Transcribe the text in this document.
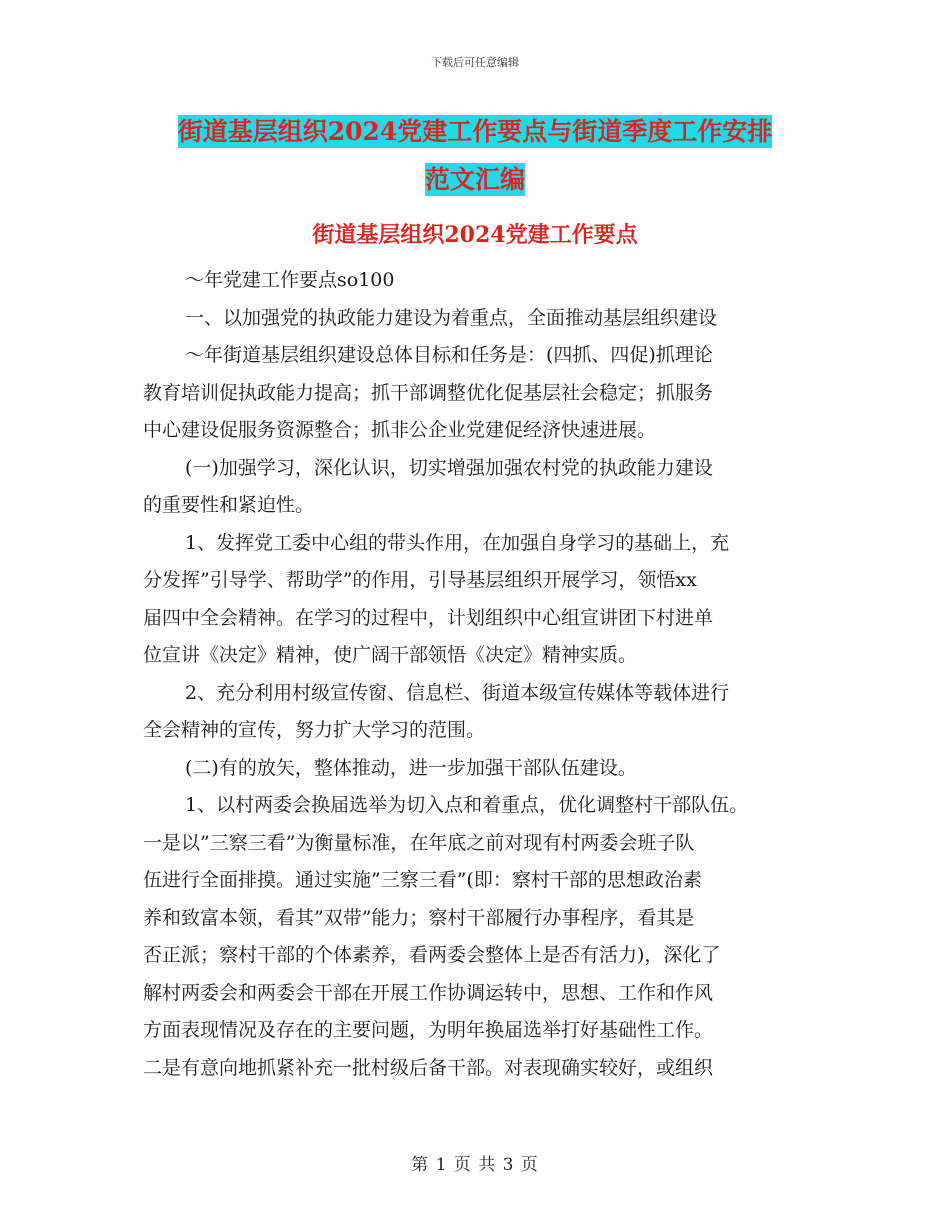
下载后可任意编辑
街道基层组织2024党建工作要点与街道季度工作安排
范文汇编
街道基层组织2024党建工作要点
～年党建工作要点so100
一、以加强党的执政能力建设为着重点，全面推动基层组织建设
～年街道基层组织建设总体目标和任务是：(四抓、四促)抓理论
教育培训促执政能力提高；抓干部调整优化促基层社会稳定；抓服务
中心建设促服务资源整合；抓非公企业党建促经济快速进展。
(一)加强学习，深化认识，切实增强加强农村党的执政能力建设
的重要性和紧迫性。
1、发挥党工委中心组的带头作用，在加强自身学习的基础上，充
分发挥”引导学、帮助学”的作用，引导基层组织开展学习，领悟xx
届四中全会精神。在学习的过程中，计划组织中心组宣讲团下村进单
位宣讲《决定》精神，使广阔干部领悟《决定》精神实质。
2、充分利用村级宣传窗、信息栏、街道本级宣传媒体等载体进行
全会精神的宣传，努力扩大学习的范围。
(二)有的放矢，整体推动，进一步加强干部队伍建设。
1、以村两委会换届选举为切入点和着重点，优化调整村干部队伍。
一是以”三察三看”为衡量标准，在年底之前对现有村两委会班子队
伍进行全面排摸。通过实施”三察三看”(即：察村干部的思想政治素
养和致富本领，看其”双带”能力；察村干部履行办事程序，看其是
否正派；察村干部的个体素养，看两委会整体上是否有活力)，深化了
解村两委会和两委会干部在开展工作协调运转中，思想、工作和作风
方面表现情况及存在的主要问题，为明年换届选举打好基础性工作。
二是有意向地抓紧补充一批村级后备干部。对表现确实较好，或组织
第 1 页 共 3 页
